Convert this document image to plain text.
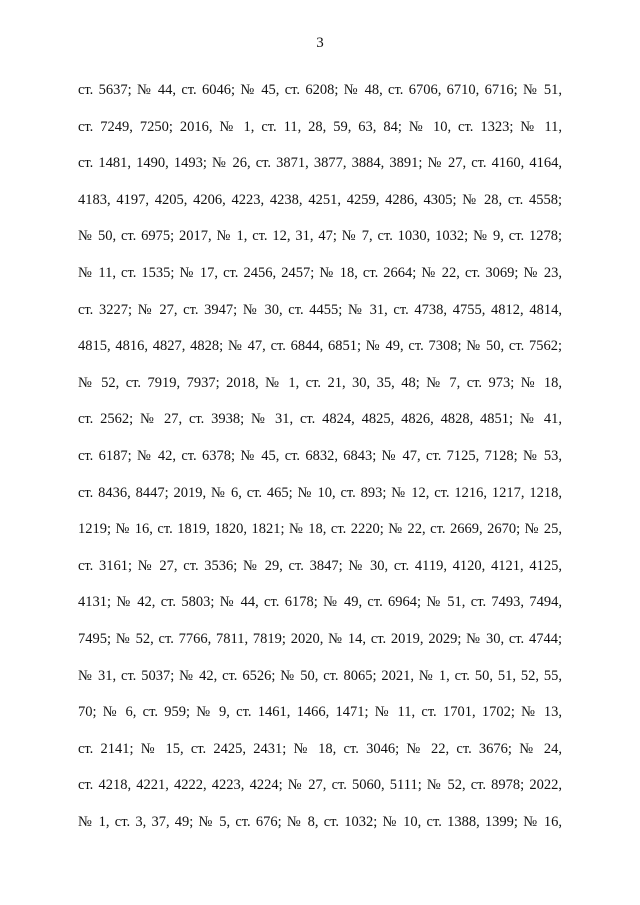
3
ст. 5637; № 44, ст. 6046; № 45, ст. 6208; № 48, ст. 6706, 6710, 6716; № 51,
ст. 7249, 7250; 2016, № 1, ст. 11, 28, 59, 63, 84; № 10, ст. 1323; № 11,
ст. 1481, 1490, 1493; № 26, ст. 3871, 3877, 3884, 3891; № 27, ст. 4160, 4164,
4183, 4197, 4205, 4206, 4223, 4238, 4251, 4259, 4286, 4305; № 28, ст. 4558;
№ 50, ст. 6975; 2017, № 1, ст. 12, 31, 47; № 7, ст. 1030, 1032; № 9, ст. 1278;
№ 11, ст. 1535; № 17, ст. 2456, 2457; № 18, ст. 2664; № 22, ст. 3069; № 23,
ст. 3227; № 27, ст. 3947; № 30, ст. 4455; № 31, ст. 4738, 4755, 4812, 4814,
4815, 4816, 4827, 4828; № 47, ст. 6844, 6851; № 49, ст. 7308; № 50, ст. 7562;
№ 52, ст. 7919, 7937; 2018, № 1, ст. 21, 30, 35, 48; № 7, ст. 973; № 18,
ст. 2562; № 27, ст. 3938; № 31, ст. 4824, 4825, 4826, 4828, 4851; № 41,
ст. 6187; № 42, ст. 6378; № 45, ст. 6832, 6843; № 47, ст. 7125, 7128; № 53,
ст. 8436, 8447; 2019, № 6, ст. 465; № 10, ст. 893; № 12, ст. 1216, 1217, 1218,
1219; № 16, ст. 1819, 1820, 1821; № 18, ст. 2220; № 22, ст. 2669, 2670; № 25,
ст. 3161; № 27, ст. 3536; № 29, ст. 3847; № 30, ст. 4119, 4120, 4121, 4125,
4131; № 42, ст. 5803; № 44, ст. 6178; № 49, ст. 6964; № 51, ст. 7493, 7494,
7495; № 52, ст. 7766, 7811, 7819; 2020, № 14, ст. 2019, 2029; № 30, ст. 4744;
№ 31, ст. 5037; № 42, ст. 6526; № 50, ст. 8065; 2021, № 1, ст. 50, 51, 52, 55,
70; № 6, ст. 959; № 9, ст. 1461, 1466, 1471; № 11, ст. 1701, 1702; № 13,
ст. 2141; № 15, ст. 2425, 2431; № 18, ст. 3046; № 22, ст. 3676; № 24,
ст. 4218, 4221, 4222, 4223, 4224; № 27, ст. 5060, 5111; № 52, ст. 8978; 2022,
№ 1, ст. 3, 37, 49; № 5, ст. 676; № 8, ст. 1032; № 10, ст. 1388, 1399; № 16,
